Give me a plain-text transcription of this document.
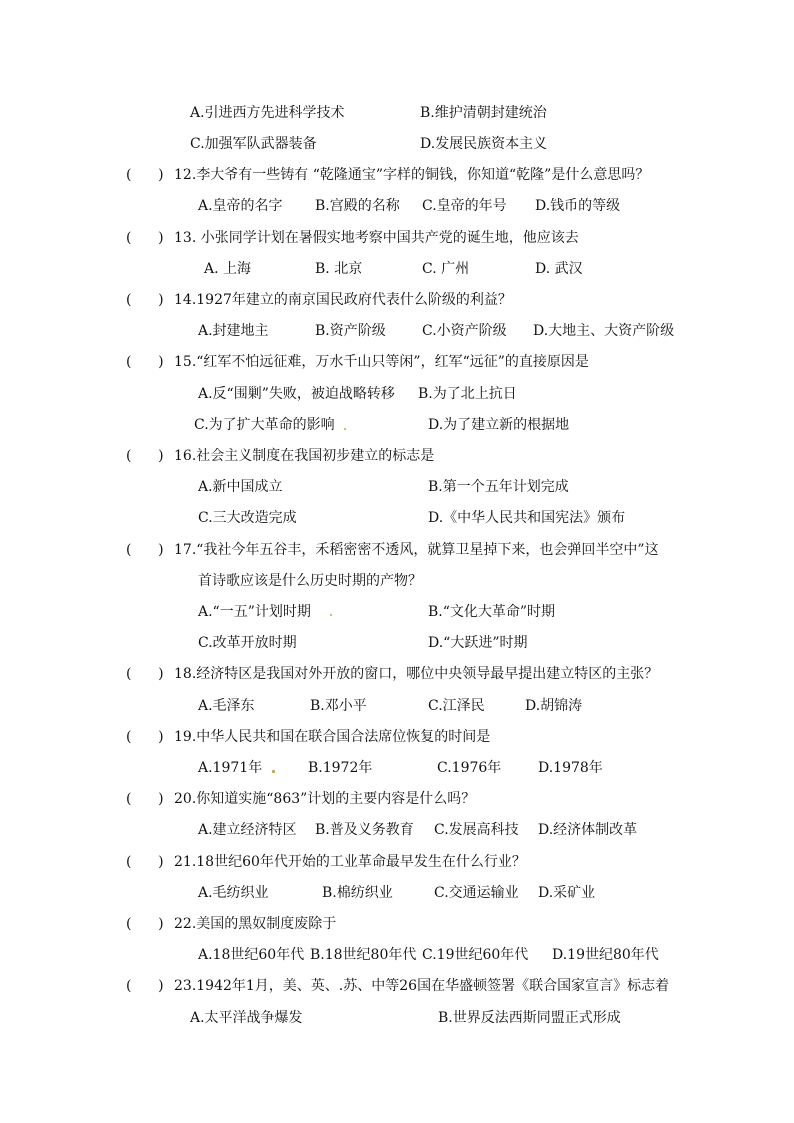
A.引进西方先进科学技术	B.维护清朝封建统治
C.加强军队武器装备	D.发展民族资本主义
(      ) 12.李大爷有一些铸有 “乾隆通宝”字样的铜钱，你知道“乾隆”是什么意思吗？
A.皇帝的名字 B.宫殿的名称 C.皇帝的年号 D.钱币的等级
(      ) 13. 小张同学计划在暑假实地考察中国共产党的诞生地，他应该去
A. 上海	B. 北京	C. 广州	D. 武汉
(      ) 14.1927年建立的南京国民政府代表什么阶级的利益？
A.封建地主	B.资产阶级	C.小资产阶级 D.大地主、大资产阶级
(      ) 15.“红军不怕远征难，万水千山只等闲”，红军“远征”的直接原因是
A.反“围剿”失败，被迫战略转移 B.为了北上抗日
C.为了扩大革命的影响	D.为了建立新的根据地
(      ) 16.社会主义制度在我国初步建立的标志是
A.新中国成立	B.第一个五年计划完成
C.三大改造完成	D.《中华人民共和国宪法》颁布
(      ) 17.“我社今年五谷丰，禾稻密密不透风，就算卫星掉下来，也会弹回半空中”这
首诗歌应该是什么历史时期的产物？
A.“一五”计划时期	B.“文化大革命”时期
C.改革开放时期	D.“大跃进”时期
(      ) 18.经济特区是我国对外开放的窗口，哪位中央领导最早提出建立特区的主张？
A.毛泽东	B.邓小平	C.江泽民	D.胡锦涛
(      ) 19.中华人民共和国在联合国合法席位恢复的时间是
A.1971年	B.1972年	C.1976年	D.1978年
(      ) 20.你知道实施“863”计划的主要内容是什么吗？
A.建立经济特区 B.普及义务教育 C.发展高科技 D.经济体制改革
(      ) 21.18世纪60年代开始的工业革命最早发生在什么行业？
A.毛纺织业	B.棉纺织业	C.交通运输业 D.采矿业
(      ) 22.美国的黑奴制度废除于
A.18世纪60年代 B.18世纪80年代 C.19世纪60年代 D.19世纪80年代
(      ) 23.1942年1月，美、英、.苏、中等26国在华盛顿签署《联合国家宣言》标志着
A.太平洋战争爆发	B.世界反法西斯同盟正式形成
